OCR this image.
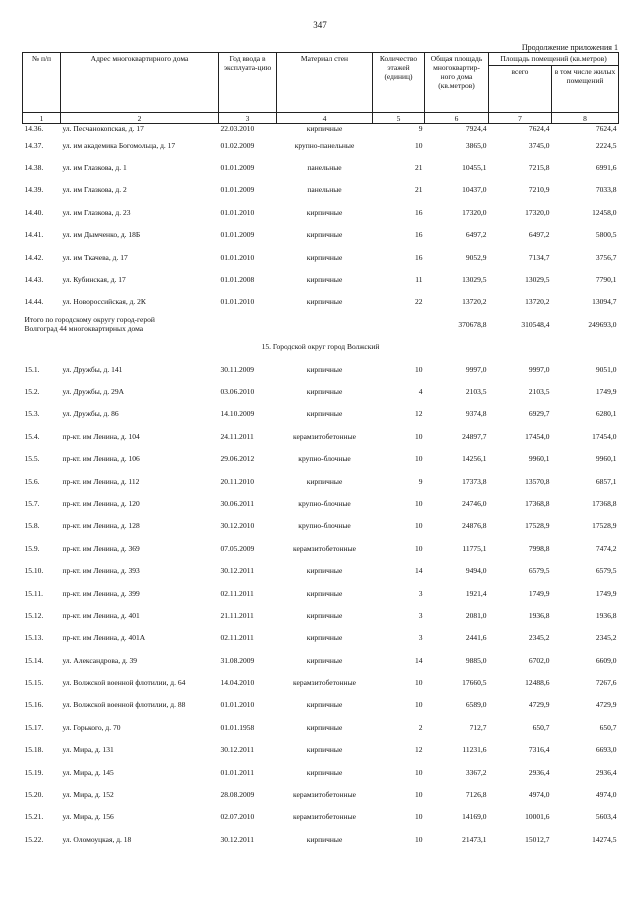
347
Продолжение приложения 1
№ п/п	Адрес многоквартирного дома	Год ввода в эксплуата-цию	Материал стен	Количество этажей (единиц)	Общая площадь многоквартир-ного дома (кв.метров)	Площадь помещений (кв.метров)	
						всего	в том числе жилых помещений
1	2	3	4	5	6	7	8
14.36.	ул. Песчанокопская, д. 17	22.03.2010	кирпичные	9	7924,4	7624,4	7624,4
14.37.	ул. им академика Богомольца, д. 17	01.02.2009	крупно-панельные	10	3865,0	3745,0	2224,5
14.38.	ул. им Глазкова, д. 1	01.01.2009	панельные	21	10455,1	7215,8	6991,6
14.39.	ул. им Глазкова, д. 2	01.01.2009	панельные	21	10437,0	7210,9	7033,8
14.40.	ул. им Глазкова, д. 23	01.01.2010	кирпичные	16	17320,0	17320,0	12458,0
14.41.	ул. им Дымченко, д. 18Б	01.01.2009	кирпичные	16	6497,2	6497,2	5800,5
14.42.	ул. им Ткачева, д. 17	01.01.2010	кирпичные	16	9052,9	7134,7	3756,7
14.43.	ул. Кубинская, д. 17	01.01.2008	кирпичные	11	13029,5	13029,5	7790,1
14.44.	ул. Новороссийская, д. 2К	01.01.2010	кирпичные	22	13720,2	13720,2	13094,7

Итого по городскому округу город-герой
Волгоград 44 многоквартирных дома					370678,8	310548,4	249693,0
15. Городской округ город Волжский							
15.1.	ул. Дружбы, д. 141	30.11.2009	кирпичные	10	9997,0	9997,0	9051,0
15.2.	ул. Дружбы, д. 29А	03.06.2010	кирпичные	4	2103,5	2103,5	1749,9
15.3.	ул. Дружбы, д. 86	14.10.2009	кирпичные	12	9374,8	6929,7	6280,1
15.4.	пр-кт. им Ленина, д. 104	24.11.2011	керамзитобетонные	10	24897,7	17454,0	17454,0
15.5.	пр-кт. им Ленина, д. 106	29.06.2012	крупно-блочные	10	14256,1	9960,1	9960,1
15.6.	пр-кт. им Ленина, д. 112	20.11.2010	кирпичные	9	17373,8	13570,8	6857,1
15.7.	пр-кт. им Ленина, д. 120	30.06.2011	крупно-блочные	10	24746,0	17368,8	17368,8
15.8.	пр-кт. им Ленина, д. 128	30.12.2010	крупно-блочные	10	24876,8	17528,9	17528,9
15.9.	пр-кт. им Ленина, д. 369	07.05.2009	керамзитобетонные	10	11775,1	7998,8	7474,2
15.10.	пр-кт. им Ленина, д. 393	30.12.2011	кирпичные	14	9494,0	6579,5	6579,5
15.11.	пр-кт. им Ленина, д. 399	02.11.2011	кирпичные	3	1921,4	1749,9	1749,9
15.12.	пр-кт. им Ленина, д. 401	21.11.2011	кирпичные	3	2081,0	1936,8	1936,8
15.13.	пр-кт. им Ленина, д. 401А	02.11.2011	кирпичные	3	2441,6	2345,2	2345,2
15.14.	ул. Александрова, д. 39	31.08.2009	кирпичные	14	9885,0	6702,0	6609,0
15.15.	ул. Волжской военной флотилии, д. 64	14.04.2010	керамзитобетонные	10	17660,5	12488,6	7267,6
15.16.	ул. Волжской военной флотилии, д. 88	01.01.2010	кирпичные	10	6589,0	4729,9	4729,9
15.17.	ул. Горького, д. 70	01.01.1958	кирпичные	2	712,7	650,7	650,7
15.18.	ул. Мира, д. 131	30.12.2011	кирпичные	12	11231,6	7316,4	6693,0
15.19.	ул. Мира, д. 145	01.01.2011	кирпичные	10	3367,2	2936,4	2936,4
15.20.	ул. Мира, д. 152	28.08.2009	керамзитобетонные	10	7126,8	4974,0	4974,0
15.21.	ул. Мира, д. 156	02.07.2010	керамзитобетонные	10	14169,0	10001,6	5603,4
15.22.	ул. Оломоуцкая, д. 18	30.12.2011	кирпичные	10	21473,1	15012,7	14274,5
